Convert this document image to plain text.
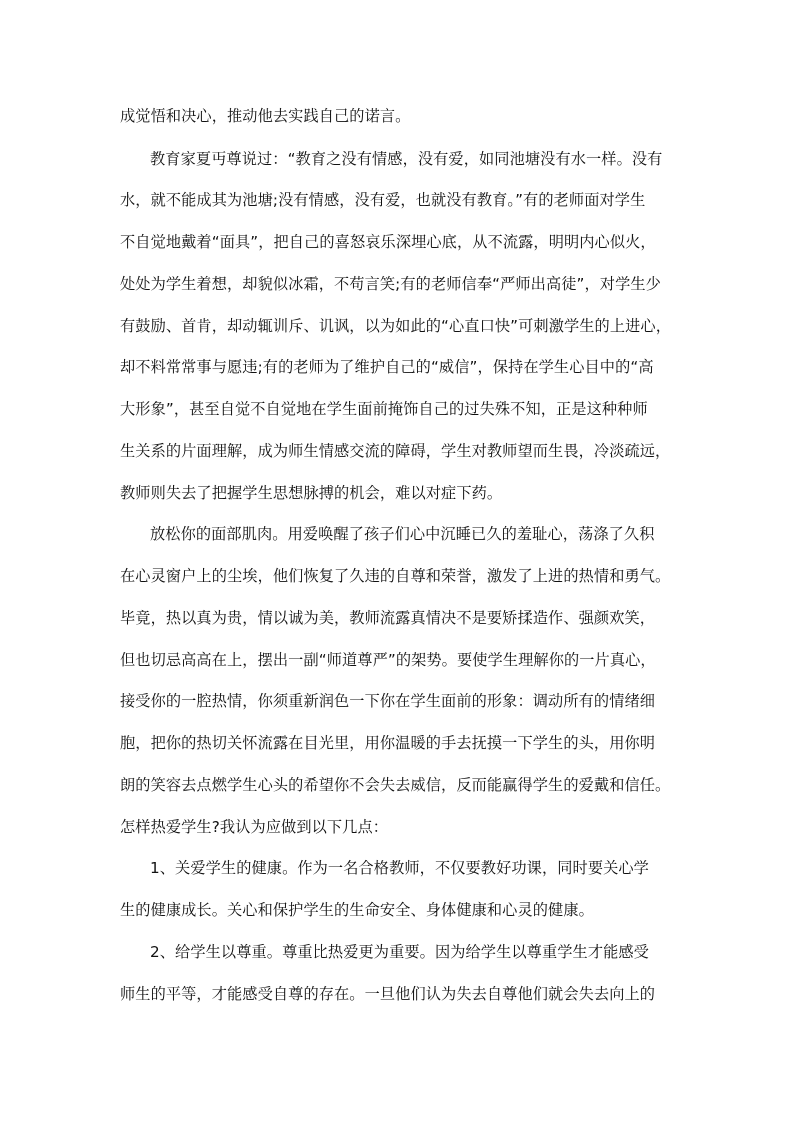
成觉悟和决心，推动他去实践自己的诺言。
教育家夏丏尊说过：“教育之没有情感，没有爱，如同池塘没有水一样。没有
水，就不能成其为池塘;没有情感，没有爱，也就没有教育。”有的老师面对学生
不自觉地戴着“面具”，把自己的喜怒哀乐深埋心底，从不流露，明明内心似火，
处处为学生着想，却貌似冰霜，不苟言笑;有的老师信奉“严师出高徒”，对学生少
有鼓励、首肯，却动辄训斥、讥讽，以为如此的“心直口快”可刺激学生的上进心，
却不料常常事与愿违;有的老师为了维护自己的“威信”，保持在学生心目中的“高
大形象”，甚至自觉不自觉地在学生面前掩饰自己的过失殊不知，正是这种种师
生关系的片面理解，成为师生情感交流的障碍，学生对教师望而生畏，冷淡疏远，
教师则失去了把握学生思想脉搏的机会，难以对症下药。
放松你的面部肌肉。用爱唤醒了孩子们心中沉睡已久的羞耻心，荡涤了久积
在心灵窗户上的尘埃，他们恢复了久违的自尊和荣誉，激发了上进的热情和勇气。
毕竟，热以真为贵，情以诚为美，教师流露真情决不是要矫揉造作、强颜欢笑，
但也切忌高高在上，摆出一副“师道尊严”的架势。要使学生理解你的一片真心，
接受你的一腔热情，你须重新润色一下你在学生面前的形象：调动所有的情绪细
胞，把你的热切关怀流露在目光里，用你温暖的手去抚摸一下学生的头，用你明
朗的笑容去点燃学生心头的希望你不会失去威信，反而能赢得学生的爱戴和信任。
怎样热爱学生?我认为应做到以下几点：
1、关爱学生的健康。作为一名合格教师，不仅要教好功课，同时要关心学
生的健康成长。关心和保护学生的生命安全、身体健康和心灵的健康。
2、给学生以尊重。尊重比热爱更为重要。因为给学生以尊重学生才能感受
师生的平等，才能感受自尊的存在。一旦他们认为失去自尊他们就会失去向上的
